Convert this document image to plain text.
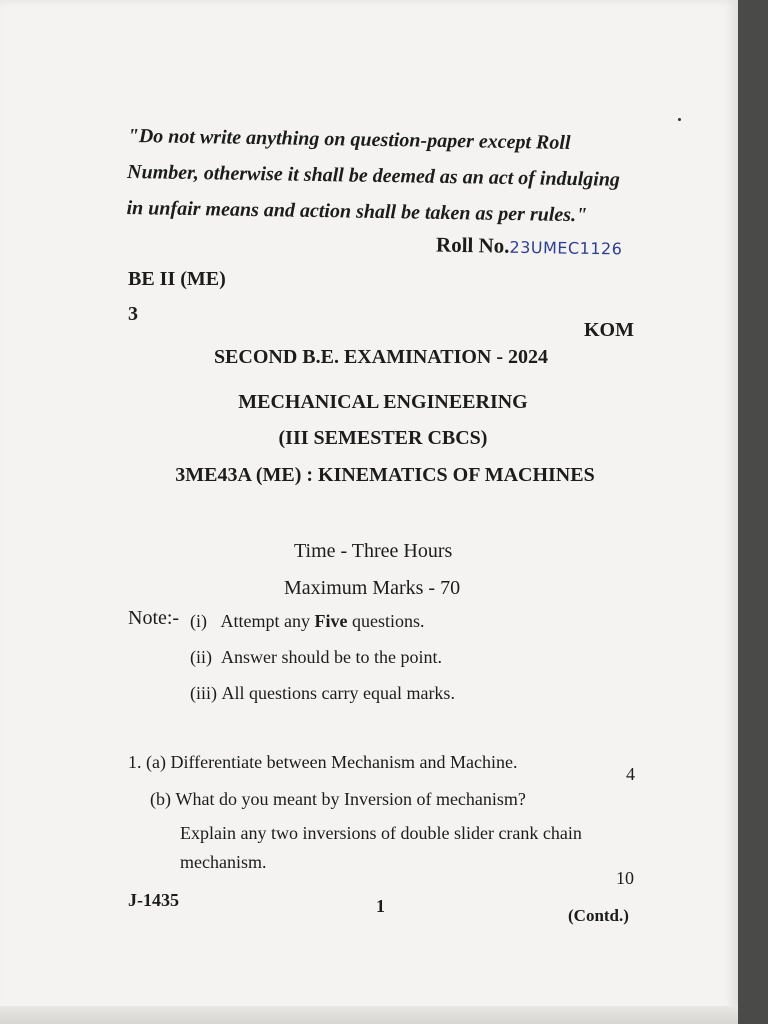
"Do not write anything on question-paper except Roll
Number, otherwise it shall be deemed as an act of indulging
in unfair means and action shall be taken as per rules."
Roll No.23UMEC1126
BE II (ME)
3
KOM
SECOND B.E. EXAMINATION - 2024
MECHANICAL ENGINEERING
(III SEMESTER CBCS)
3ME43A (ME) : KINEMATICS OF MACHINES
Time - Three Hours
Maximum Marks - 70
Note:- (i) Attempt any Five questions.
(ii) Answer should be to the point.
(iii) All questions carry equal marks.
1. (a) Differentiate between Mechanism and Machine.
4
(b) What do you meant by Inversion of mechanism?
Explain any two inversions of double slider crank chain
mechanism.
10
J-1435	1	(Contd.)
